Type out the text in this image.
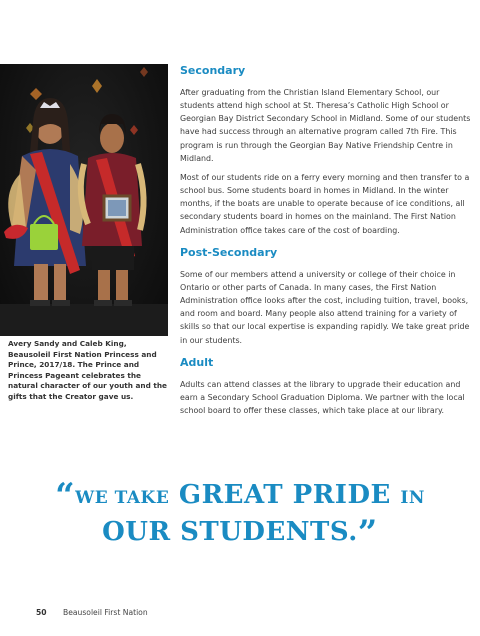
Avery Sandy and Caleb King, Beausoleil First Nation Princess and Prince, 2017/18. The Prince and Princess Pageant celebrates the natural character of our youth and the gifts that the Creator gave us.
Secondary

After graduating from the Christian Island Elementary School, our students attend high school at St. Theresa’s Catholic High School or Georgian Bay District Secondary School in Midland. Some of our students have had success through an alternative program called 7th Fire. This program is run through the Georgian Bay Native Friendship Centre in Midland.

Most of our students ride on a ferry every morning and then transfer to a school bus. Some students board in homes in Midland. In the winter months, if the boats are unable to operate because of ice conditions, all secondary students board in homes on the mainland. The First Nation Administration office takes care of the cost of boarding.

Post-Secondary

Some of our members attend a university or college of their choice in Ontario or other parts of Canada. In many cases, the First Nation Administration office looks after the cost, including tuition, travel, books, and room and board. Many people also attend training for a variety of skills so that our local expertise is expanding rapidly. We take great pride in our students.

Adult

Adults can attend classes at the library to upgrade their education and earn a Secondary School Graduation Diploma. We partner with the local school board to offer these classes, which take place at our library.

“WE TAKE GREAT PRIDE IN
OUR STUDENTS.”
50 Beausoleil First Nation
